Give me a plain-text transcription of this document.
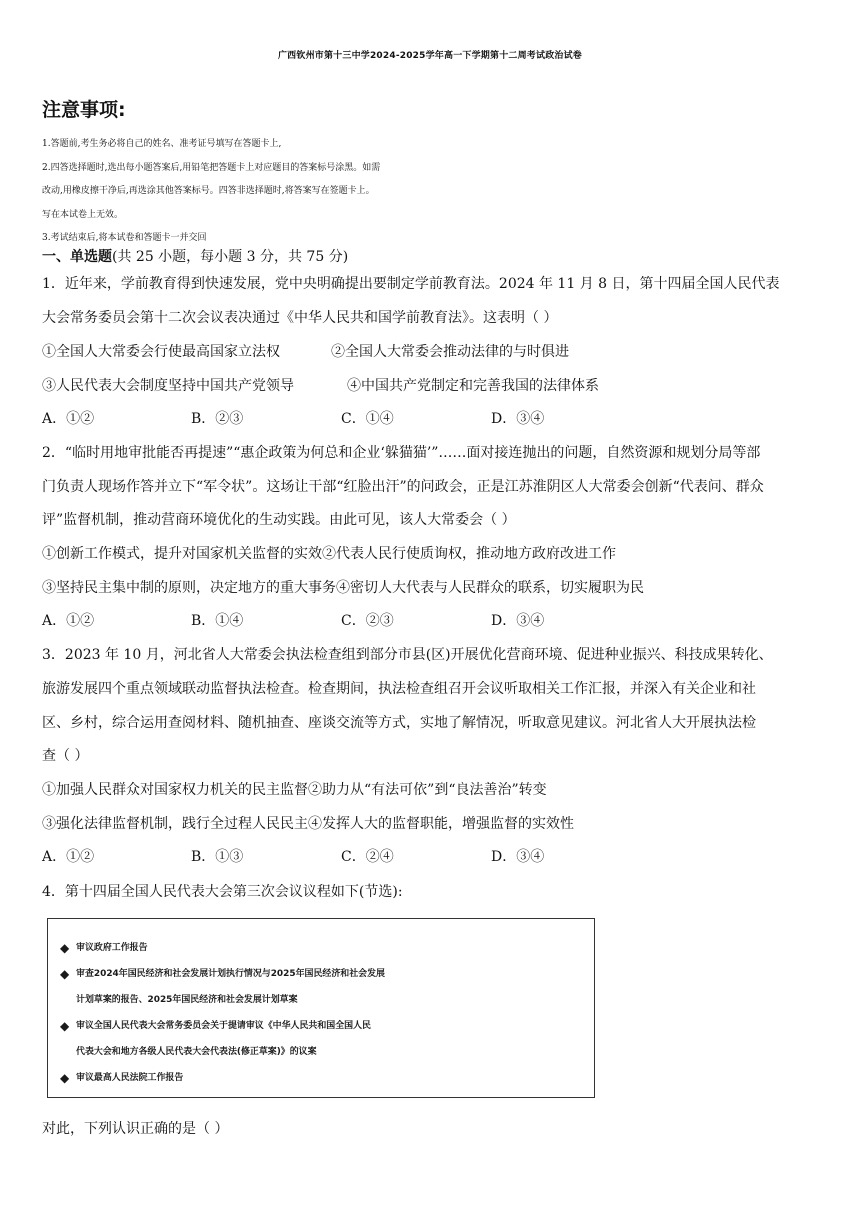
广西钦州市第十三中学2024-2025学年高一下学期第十二周考试政治试卷
注意事项:
1.答题前,考生务必将自己的姓名、准考证号填写在答题卡上,
2.四答选择题时,选出每小题答案后,用铅笔把答题卡上对应题目的答案标号涂黑。如需
改动,用橡皮擦干净后,再选涂其他答案标号。四答非选择题时,将答案写在签题卡上。
写在本试卷上无效。
3.考试结束后,将本试卷和答题卡一并交回
一、单选题(共 25 小题，每小题 3 分，共 75 分)
1．近年来，学前教育得到快速发展，党中央明确提出要制定学前教育法。2024 年 11 月 8 日，第十四届全国人民代表
大会常务委员会第十二次会议表决通过《中华人民共和国学前教育法》。这表明（ ）
①全国人大常委会行使最高国家立法权	②全国人大常委会推动法律的与时俱进
③人民代表大会制度坚持中国共产党领导	④中国共产党制定和完善我国的法律体系
A．①②	B．②③	C．①④	D．③④
2．“临时用地审批能否再提速”“惠企政策为何总和企业‘躲猫猫’”……面对接连抛出的问题，自然资源和规划分局等部
门负责人现场作答并立下“军令状”。这场让干部“红脸出汗”的问政会，正是江苏淮阴区人大常委会创新“代表问、群众
评”监督机制，推动营商环境优化的生动实践。由此可见，该人大常委会（ ）
①创新工作模式，提升对国家机关监督的实效②代表人民行使质询权，推动地方政府改进工作
③坚持民主集中制的原则，决定地方的重大事务④密切人大代表与人民群众的联系，切实履职为民
A．①②	B．①④	C．②③	D．③④
3．2023 年 10 月，河北省人大常委会执法检查组到部分市县(区)开展优化营商环境、促进种业振兴、科技成果转化、
旅游发展四个重点领域联动监督执法检查。检查期间，执法检查组召开会议听取相关工作汇报，并深入有关企业和社
区、乡村，综合运用查阅材料、随机抽查、座谈交流等方式，实地了解情况，听取意见建议。河北省人大开展执法检
查（ ）
①加强人民群众对国家权力机关的民主监督②助力从“有法可依”到“良法善治”转变
③强化法律监督机制，践行全过程人民民主④发挥人大的监督职能，增强监督的实效性
A．①②	B．①③	C．②④	D．③④
4．第十四届全国人民代表大会第三次会议议程如下(节选):
◆ 审议政府工作报告
◆ 审查2024年国民经济和社会发展计划执行情况与2025年国民经济和社会发展
计划草案的报告、2025年国民经济和社会发展计划草案
◆ 审议全国人民代表大会常务委员会关于提请审议《中华人民共和国全国人民
代表大会和地方各级人民代表大会代表法(修正草案)》的议案
◆ 审议最高人民法院工作报告
对此，下列认识正确的是（ ）
